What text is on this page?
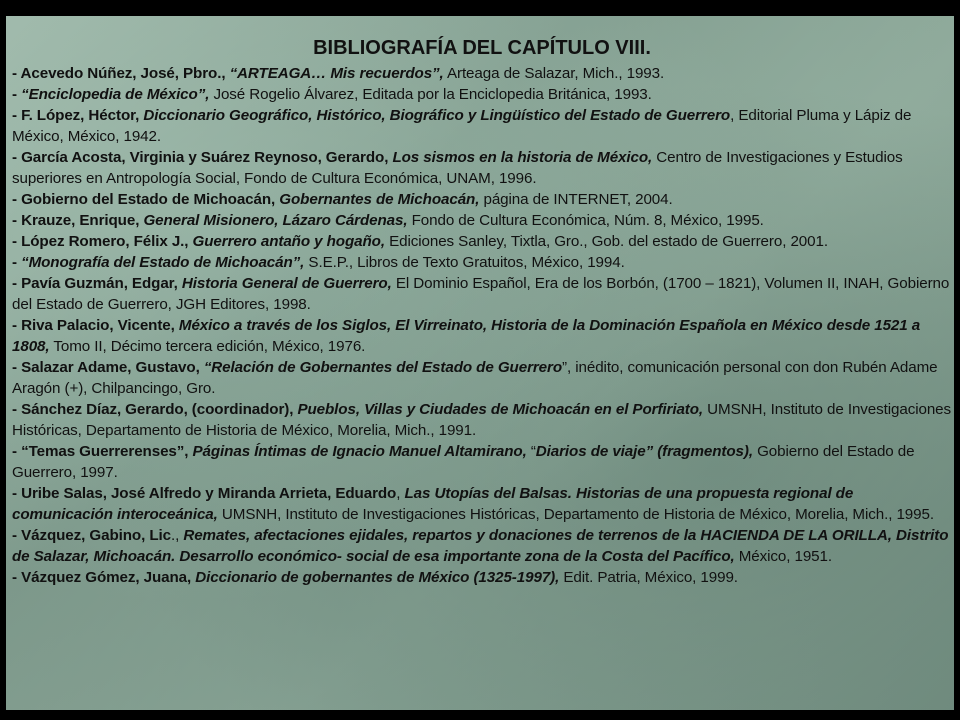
BIBLIOGRAFÍA DEL CAPÍTULO VIII.
- Acevedo Núñez, José, Pbro., “ARTEAGA… Mis recuerdos”, Arteaga de Salazar, Mich., 1993.
- “Enciclopedia de México”, José Rogelio Álvarez, Editada por la Enciclopedia Británica, 1993.
- F. López, Héctor, Diccionario Geográfico, Histórico, Biográfico y Lingüístico del Estado de Guerrero, Editorial Pluma y Lápiz de México, México, 1942.
- García Acosta, Virginia y Suárez Reynoso, Gerardo, Los sismos en la historia de México, Centro de Investigaciones y Estudios superiores en Antropología Social, Fondo de Cultura Económica, UNAM, 1996.
- Gobierno del Estado de Michoacán, Gobernantes de Michoacán, página de INTERNET, 2004.
- Krauze, Enrique, General Misionero, Lázaro Cárdenas, Fondo de Cultura Económica, Núm. 8, México, 1995.
- López Romero, Félix J., Guerrero antaño y hogaño, Ediciones Sanley, Tixtla, Gro., Gob. del estado de Guerrero, 2001.
- “Monografía del Estado de Michoacán”, S.E.P., Libros de Texto Gratuitos, México, 1994.
- Pavía Guzmán, Edgar, Historia General de Guerrero, El Dominio Español, Era de los Borbón, (1700 – 1821), Volumen II, INAH, Gobierno del Estado de Guerrero, JGH Editores, 1998.
- Riva Palacio, Vicente, México a través de los Siglos, El Virreinato, Historia de la Dominación Española en México desde 1521 a 1808, Tomo II, Décimo tercera edición, México, 1976.
- Salazar Adame, Gustavo, “Relación de Gobernantes del Estado de Guerrero”, inédito, comunicación personal con don Rubén Adame Aragón (+), Chilpancingo, Gro.
- Sánchez Díaz, Gerardo, (coordinador), Pueblos, Villas y Ciudades de Michoacán en el Porfiriato, UMSNH, Instituto de Investigaciones Históricas, Departamento de Historia de México, Morelia, Mich., 1991.
- “Temas Guerrerenses”, Páginas Íntimas de Ignacio Manuel Altamirano, “Diarios de viaje” (fragmentos), Gobierno del Estado de Guerrero, 1997.
- Uribe Salas, José Alfredo y Miranda Arrieta, Eduardo, Las Utopías del Balsas. Historias de una propuesta regional de comunicación interoceánica, UMSNH, Instituto de Investigaciones Históricas, Departamento de Historia de México, Morelia, Mich., 1995.
- Vázquez, Gabino, Lic., Remates, afectaciones ejidales, repartos y donaciones de terrenos de la HACIENDA DE LA ORILLA, Distrito de Salazar, Michoacán. Desarrollo económico- social de esa importante zona de la Costa del Pacífico, México, 1951.
- Vázquez Gómez, Juana, Diccionario de gobernantes de México (1325-1997), Edit. Patria, México, 1999.
